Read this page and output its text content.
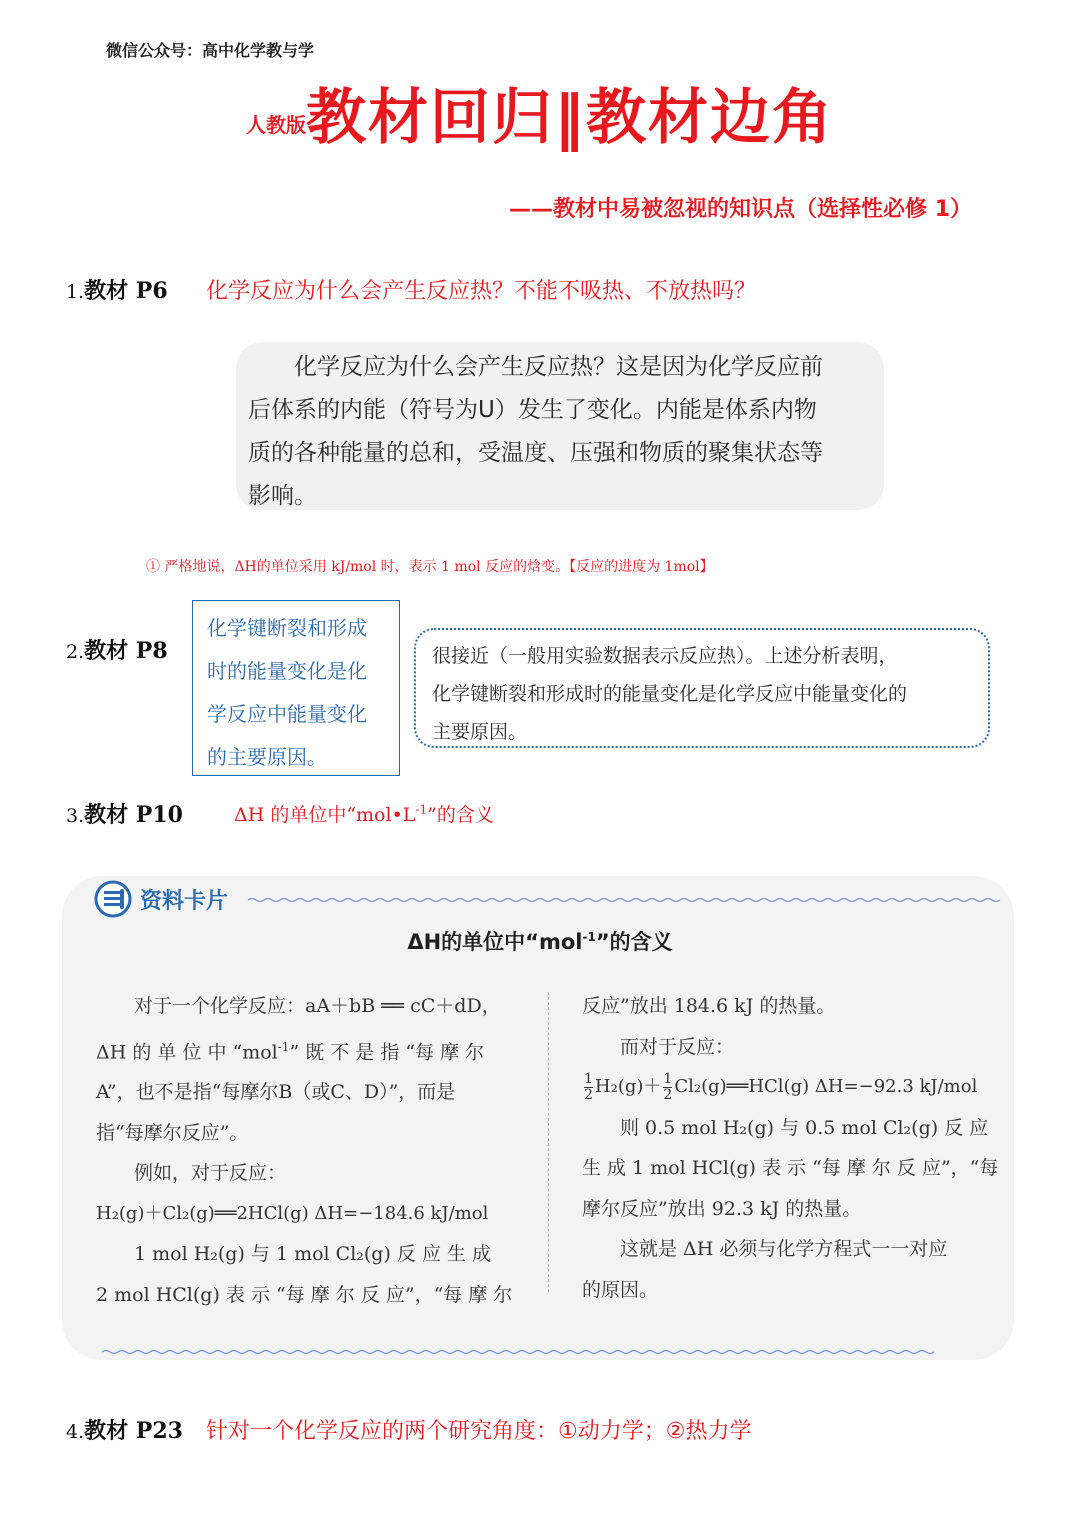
微信公众号：高中化学教与学
人教版教材回归‖教材边角
——教材中易被忽视的知识点（选择性必修 1）
1.教材 P6 化学反应为什么会产生反应热？不能不吸热、不放热吗？

化学反应为什么会产生反应热？这是因为化学反应前

后体系的内能（符号为U）发生了变化。内能是体系内物

质的各种能量的总和，受温度、压强和物质的聚集状态等

影响。

① 严格地说，ΔH的单位采用 kJ/mol 时，表示 1 mol 反应的焓变。【反应的进度为 1mol】
2.教材 P8
化学键断裂和形成
时的能量变化是化
学反应中能量变化
的主要原因。
很接近（一般用实验数据表示反应热）。上述分析表明，
化学键断裂和形成时的能量变化是化学反应中能量变化的
主要原因。
3.教材 P10	ΔH 的单位中“$mol•L^{-1}$”的含义
资料卡片
ΔH的单位中“mol$^{-1}$”的含义

对于一个化学反应：aA＋bB ══ cC＋dD，

ΔH 的 单 位 中 “mol$^{-1}$” 既 不 是 指 “每 摩 尔

A”，也不是指“每摩尔B（或C、D）”，而是

指“每摩尔反应”。

例如，对于反应：

H₂(g)＋Cl₂(g)══2HCl(g) ΔH=−184.6 kJ/mol

1 mol H₂(g) 与 1 mol Cl₂(g) 反 应 生 成

2 mol HCl(g) 表 示 “每 摩 尔 反 应”，“每 摩 尔

反应”放出 184.6 kJ 的热量。

而对于反应：

$\frac{1}{2} H_2(g)+ \frac{1}{2}$ Cl₂(g)══HCl(g) ΔH=−92.3 kJ/mol

则 0.5 mol H₂(g) 与 0.5 mol Cl₂(g) 反 应

生 成 1 mol HCl(g) 表 示 “每 摩 尔 反 应”，“每

摩尔反应”放出 92.3 kJ 的热量。

这就是 ΔH 必须与化学方程式一一对应

的原因。

4.教材 P23 针对一个化学反应的两个研究角度：①动力学；②热力学
